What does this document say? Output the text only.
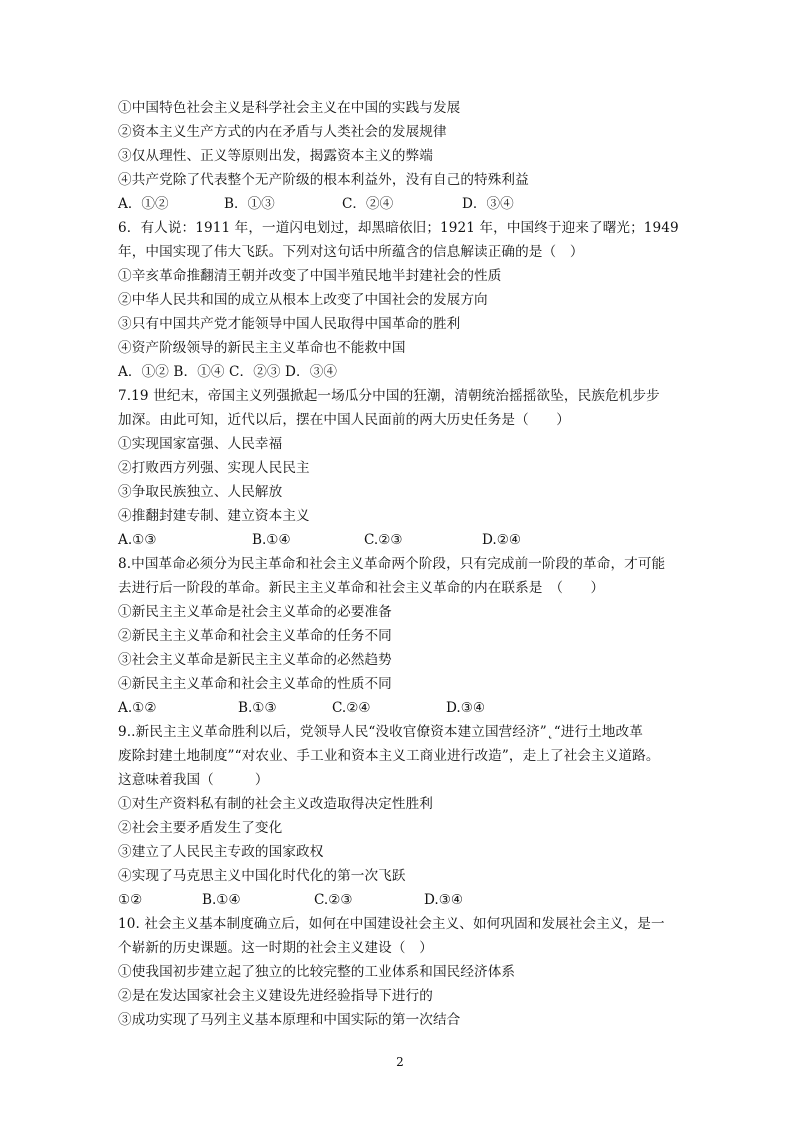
①中国特色社会主义是科学社会主义在中国的实践与发展
②资本主义生产方式的内在矛盾与人类社会的发展规律
③仅从理性、正义等原则出发，揭露资本主义的弊端
④共产党除了代表整个无产阶级的根本利益外，没有自己的特殊利益
A．①②	B．①③	C．②④	D．③④
6．有人说：1911 年，一道闪电划过，却黑暗依旧；1921 年，中国终于迎来了曙光；1949
年，中国实现了伟大飞跃。下列对这句话中所蕴含的信息解读正确的是（　）
①辛亥革命推翻清王朝并改变了中国半殖民地半封建社会的性质
②中华人民共和国的成立从根本上改变了中国社会的发展方向
③只有中国共产党才能领导中国人民取得中国革命的胜利
④资产阶级领导的新民主主义革命也不能救中国
A．①② B．①④ C．②③ D．③④
7.19 世纪末，帝国主义列强掀起一场瓜分中国的狂潮，清朝统治摇摇欲坠，民族危机步步
加深。由此可知，近代以后，摆在中国人民面前的两大历史任务是（　　）
①实现国家富强、人民幸福
②打败西方列强、实现人民民主
③争取民族独立、人民解放
④推翻封建专制、建立资本主义
A.①③	B.①④	C.②③	D.②④
8.中国革命必须分为民主革命和社会主义革命两个阶段，只有完成前一阶段的革命，才可能
去进行后一阶段的革命。新民主主义革命和社会主义革命的内在联系是　（　　）
①新民主主义革命是社会主义革命的必要准备
②新民主主义革命和社会主义革命的任务不同
③社会主义革命是新民主主义革命的必然趋势
④新民主主义革命和社会主义革命的性质不同
A.①②	B.①③	C.②④	D.③④
9..新民主主义革命胜利以后，党领导人民“没收官僚资本建立国营经济”˛“进行土地改革
废除封建土地制度”“对农业、手工业和资本主义工商业进行改造”，走上了社会主义道路。
这意味着我国（　　　）
①对生产资料私有制的社会主义改造取得决定性胜利
②社会主要矛盾发生了变化
③建立了人民民主专政的国家政权
④实现了马克思主义中国化时代化的第一次飞跃
①②	B.①④	C.②③	D.③④
10. 社会主义基本制度确立后，如何在中国建设社会主义、如何巩固和发展社会主义，是一
个崭新的历史课题。这一时期的社会主义建设（　）
①使我国初步建立起了独立的比较完整的工业体系和国民经济体系
②是在发达国家社会主义建设先进经验指导下进行的
③成功实现了马列主义基本原理和中国实际的第一次结合
2
